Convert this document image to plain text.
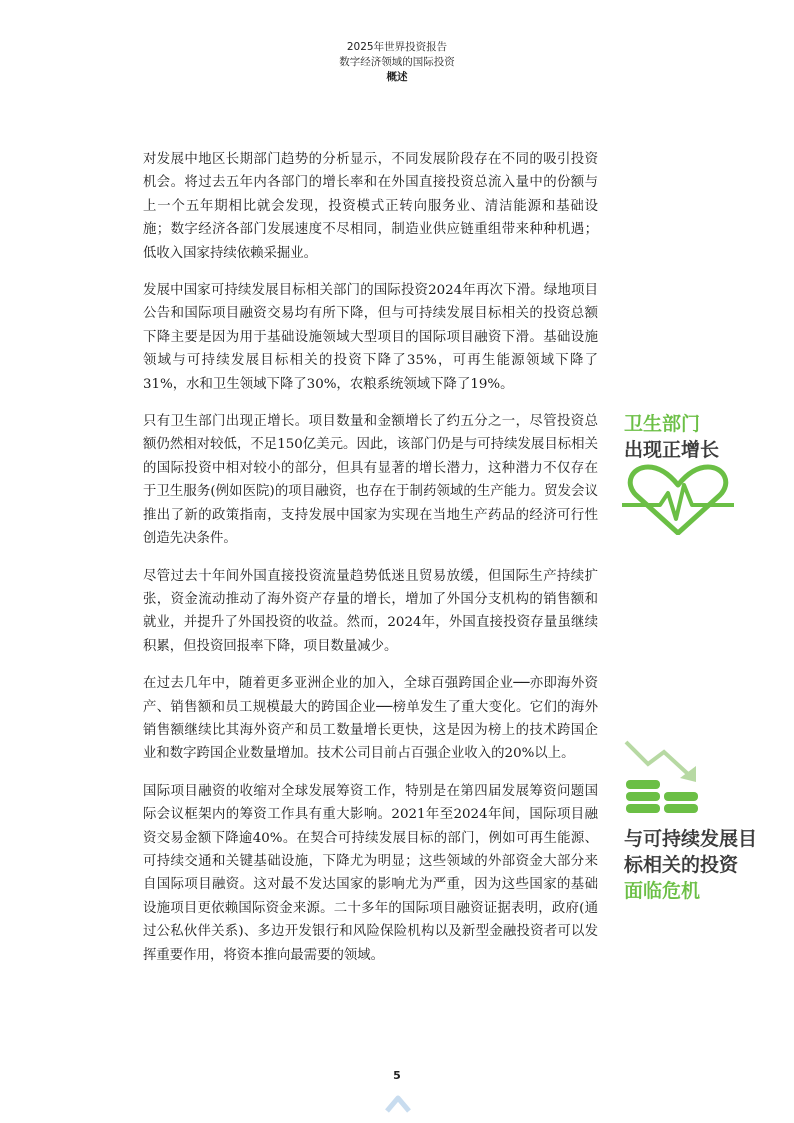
2025年世界投资报告
数字经济领域的国际投资
概述

对发展中地区长期部门趋势的分析显示，不同发展阶段存在不同的吸引投资机会。将过去五年内各部门的增长率和在外国直接投资总流入量中的份额与上一个五年期相比就会发现，投资模式正转向服务业、清洁能源和基础设施；数字经济各部门发展速度不尽相同，制造业供应链重组带来种种机遇；低收入国家持续依赖采掘业。

发展中国家可持续发展目标相关部门的国际投资2024年再次下滑。绿地项目公告和国际项目融资交易均有所下降，但与可持续发展目标相关的投资总额下降主要是因为用于基础设施领域大型项目的国际项目融资下滑。基础设施领域与可持续发展目标相关的投资下降了35%，可再生能源领域下降了31%，水和卫生领域下降了30%，农粮系统领域下降了19%。

只有卫生部门出现正增长。项目数量和金额增长了约五分之一，尽管投资总额仍然相对较低，不足150亿美元。因此，该部门仍是与可持续发展目标相关的国际投资中相对较小的部分，但具有显著的增长潜力，这种潜力不仅存在于卫生服务(例如医院)的项目融资，也存在于制药领域的生产能力。贸发会议推出了新的政策指南，支持发展中国家为实现在当地生产药品的经济可行性创造先决条件。

尽管过去十年间外国直接投资流量趋势低迷且贸易放缓，但国际生产持续扩张，资金流动推动了海外资产存量的增长，增加了外国分支机构的销售额和就业，并提升了外国投资的收益。然而，2024年，外国直接投资存量虽继续积累，但投资回报率下降，项目数量减少。

在过去几年中，随着更多亚洲企业的加入，全球百强跨国企业──亦即海外资产、销售额和员工规模最大的跨国企业──榜单发生了重大变化。它们的海外销售额继续比其海外资产和员工数量增长更快，这是因为榜上的技术跨国企业和数字跨国企业数量增加。技术公司目前占百强企业收入的20%以上。

国际项目融资的收缩对全球发展筹资工作，特别是在第四届发展筹资问题国际会议框架内的筹资工作具有重大影响。2021年至2024年间，国际项目融资交易金额下降逾40%。在契合可持续发展目标的部门，例如可再生能源、可持续交通和关键基础设施，下降尤为明显；这些领域的外部资金大部分来自国际项目融资。这对最不发达国家的影响尤为严重，因为这些国家的基础设施项目更依赖国际资金来源。二十多年的国际项目融资证据表明，政府(通过公私伙伴关系)、多边开发银行和风险保险机构以及新型金融投资者可以发挥重要作用，将资本推向最需要的领域。

卫生部门
出现正增长
与可持续发展目
标相关的投资
面临危机
5
